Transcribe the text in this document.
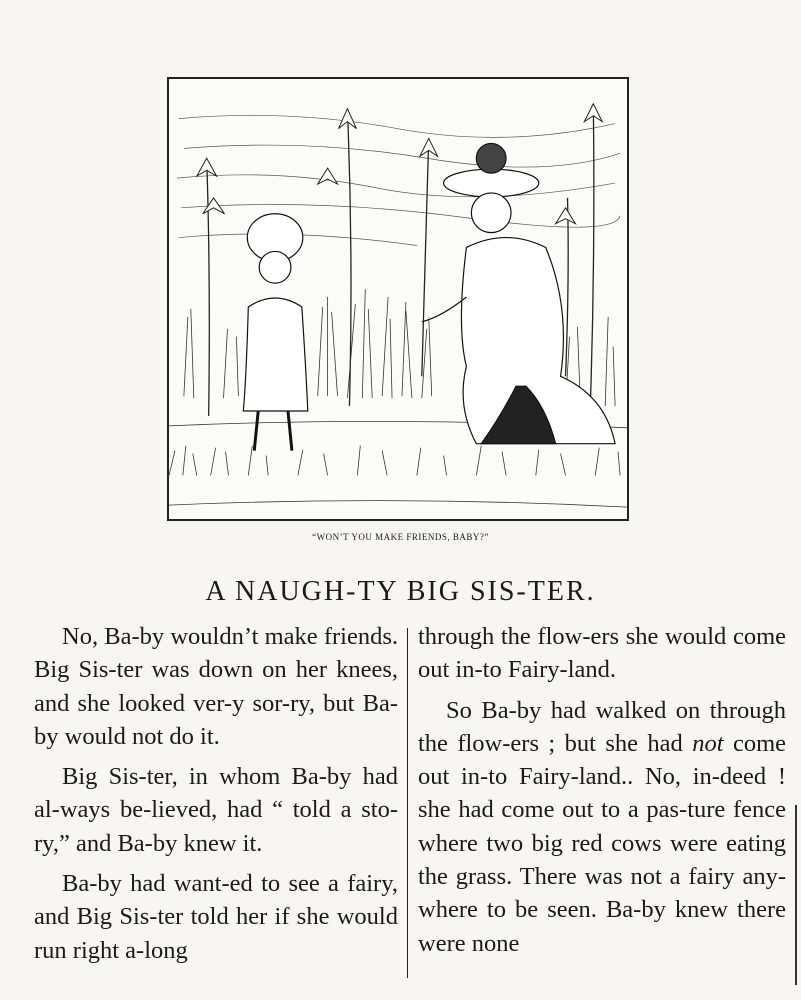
“WON’T YOU MAKE FRIENDS, BABY?”
A NAUGH-TY BIG SIS-TER.

No, Ba-by wouldn’t make friends. Big Sis-ter was down on her knees, and she looked ver-y sor-ry, but Ba-by would not do it.

Big Sis-ter, in whom Ba-by had al-ways be-lieved, had “ told a sto-ry,” and Ba-by knew it.

Ba-by had want-ed to see a fairy, and Big Sis-ter told her if she would run right a-long

through the flow-ers she would come out in-to Fairy-land.

So Ba-by had walked on through the flow-ers ; but she had not come out in-to Fairy-land.. No, in-deed ! she had come out to a pas-ture fence where two big red cows were eating the grass. There was not a fairy any-where to be seen. Ba-by knew there were none
